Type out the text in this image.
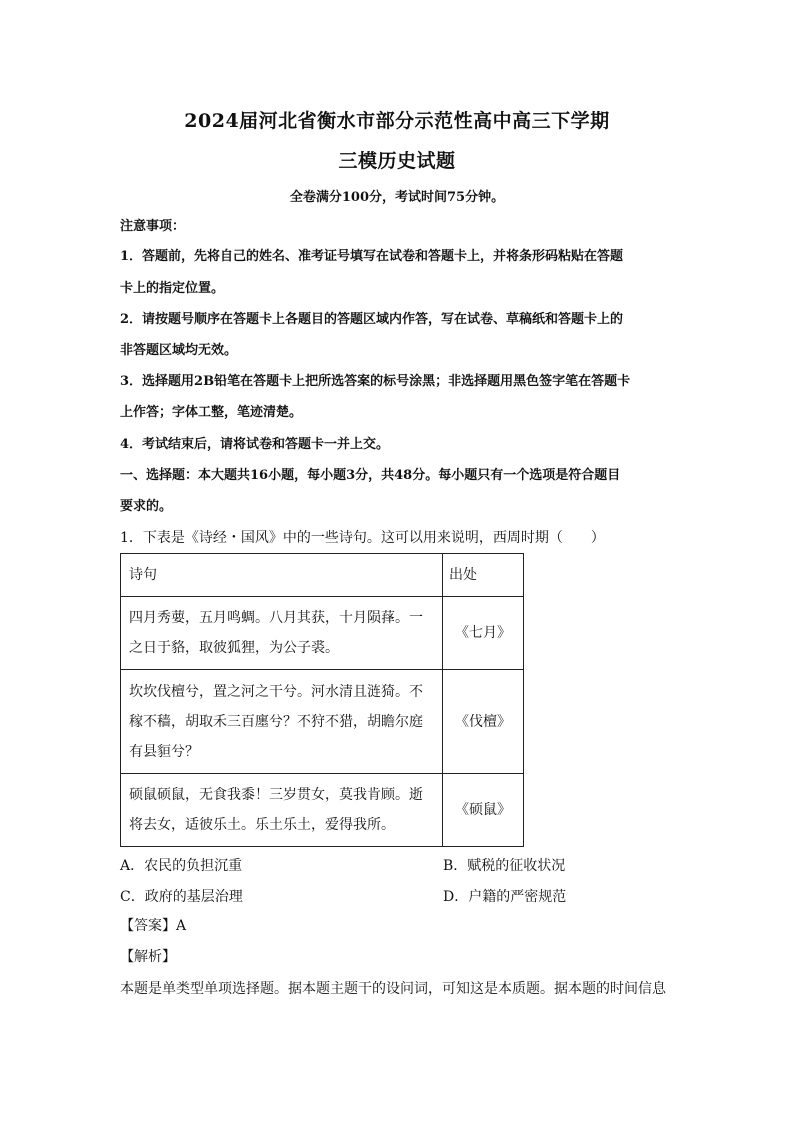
2024届河北省衡水市部分示范性高中高三下学期
三模历史试题
全卷满分100分，考试时间75分钟。
注意事项：
1．答题前，先将自己的姓名、准考证号填写在试卷和答题卡上，并将条形码粘贴在答题
卡上的指定位置。
2．请按题号顺序在答题卡上各题目的答题区域内作答，写在试卷、草稿纸和答题卡上的
非答题区域均无效。
3．选择题用2B铅笔在答题卡上把所选答案的标号涂黑；非选择题用黑色签字笔在答题卡
上作答；字体工整，笔迹清楚。
4．考试结束后，请将试卷和答题卡一并上交。
一、选择题：本大题共16小题，每小题3分，共48分。每小题只有一个选项是符合题目
要求的。
1．下表是《诗经・国风》中的一些诗句。这可以用来说明，西周时期（　　）
诗句	出处

四月秀葽，五月鸣蜩。八月其获，十月陨萚。一
之日于貉，取彼狐狸，为公子裘。	《七月》

坎坎伐檀兮，置之河之干兮。河水清且涟猗。不
稼不穑，胡取禾三百廛兮？不狩不猎，胡瞻尔庭
有县貆兮？	《伐檀》

硕鼠硕鼠，无食我黍！三岁贯女，莫我肯顾。逝
将去女，适彼乐土。乐土乐土，爱得我所。	《硕鼠》
A．农民的负担沉重	B．赋税的征收状况
C．政府的基层治理	D．户籍的严密规范
【答案】A
【解析】
本题是单类型单项选择题。据本题主题干的设问词，可知这是本质题。据本题的时间信息
